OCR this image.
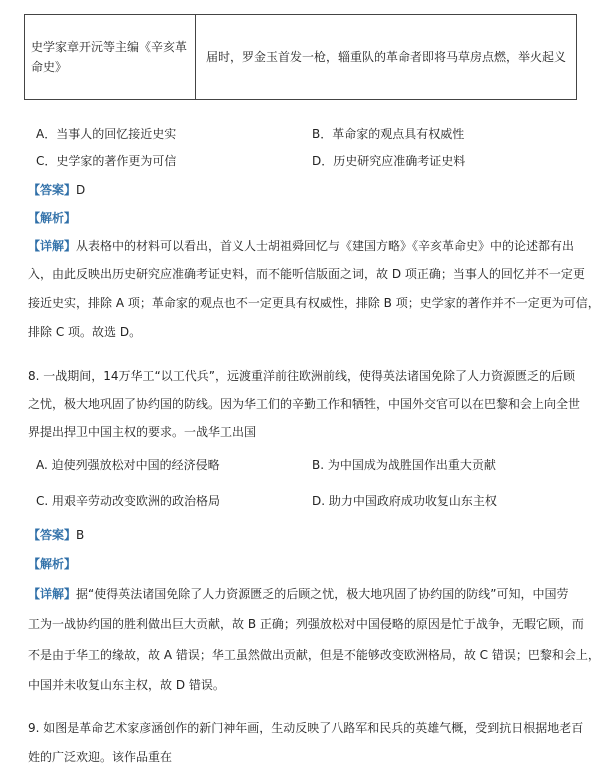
史学家章开沅等主编《辛亥革命史》	届时，罗金玉首发一枪，辎重队的革命者即将马草房点燃，举火起义
A．当事人的回忆接近史实	B．革命家的观点具有权威性
C．史学家的著作更为可信	D．历史研究应准确考证史料
【答案】D
【解析】
【详解】从表格中的材料可以看出，首义人士胡祖舜回忆与《建国方略》《辛亥革命史》中的论述都有出
入，由此反映出历史研究应准确考证史料，而不能听信版面之词，故 D 项正确；当事人的回忆并不一定更
接近史实，排除 A 项；革命家的观点也不一定更具有权威性，排除 B 项；史学家的著作并不一定更为可信，
排除 C 项。故选 D。
8. 一战期间，14万华工“以工代兵”，远渡重洋前往欧洲前线，使得英法诸国免除了人力资源匮乏的后顾
之忧，极大地巩固了协约国的防线。因为华工们的辛勤工作和牺牲，中国外交官可以在巴黎和会上向全世
界提出捍卫中国主权的要求。一战华工出国
A. 迫使列强放松对中国的经济侵略	B. 为中国成为战胜国作出重大贡献
C. 用艰辛劳动改变欧洲的政治格局	D. 助力中国政府成功收复山东主权
【答案】B
【解析】
【详解】据“使得英法诸国免除了人力资源匮乏的后顾之忧，极大地巩固了协约国的防线”可知，中国劳
工为一战协约国的胜利做出巨大贡献，故 B 正确；列强放松对中国侵略的原因是忙于战争，无暇它顾，而
不是由于华工的缘故，故 A 错误；华工虽然做出贡献，但是不能够改变欧洲格局，故 C 错误；巴黎和会上，
中国并未收复山东主权，故 D 错误。
9. 如图是革命艺术家彦涵创作的新门神年画，生动反映了八路军和民兵的英雄气概，受到抗日根据地老百
姓的广泛欢迎。该作品重在
